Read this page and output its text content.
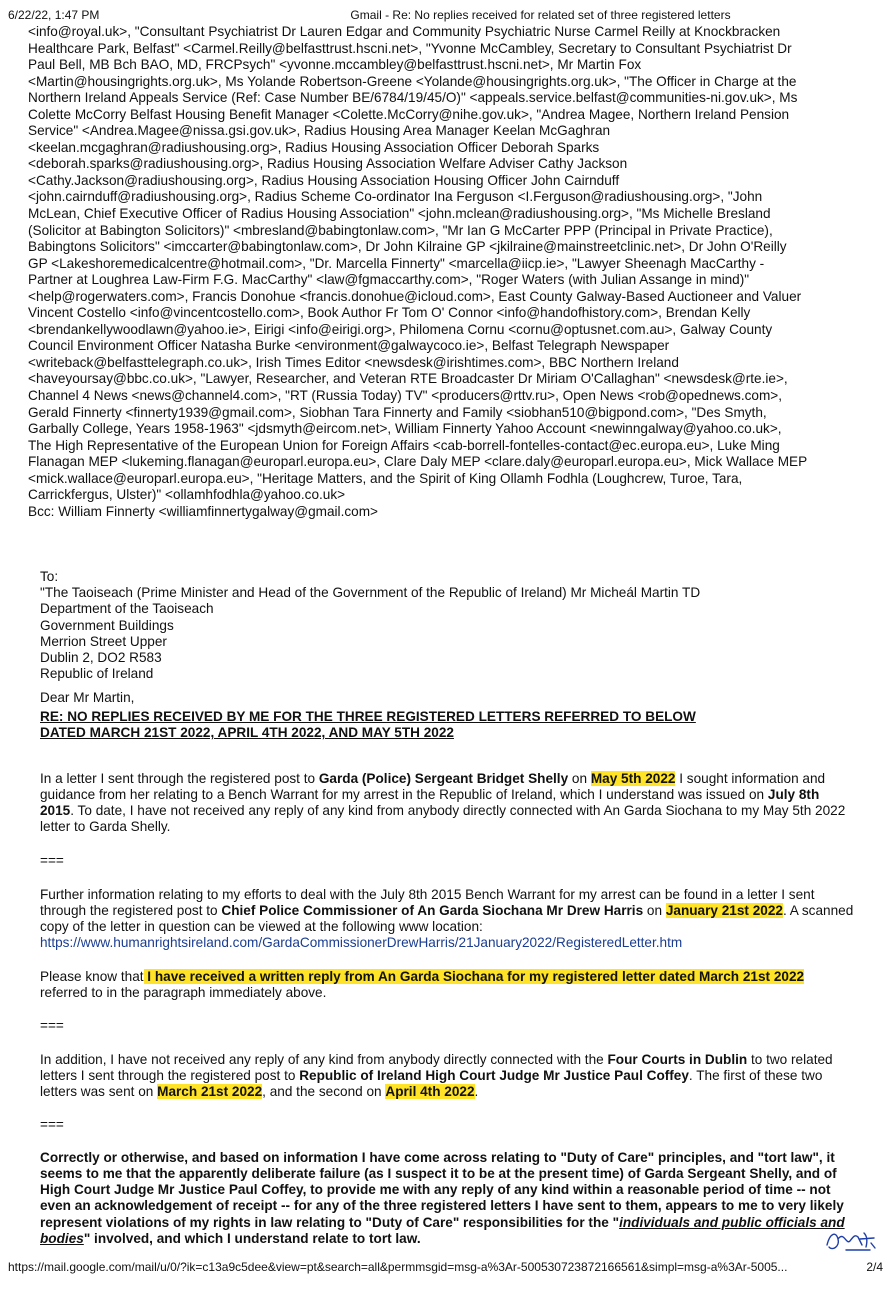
6/22/22, 1:47 PM	Gmail - Re: No replies received for related set of three registered letters

<info@royal.uk>, "Consultant Psychiatrist Dr Lauren Edgar and Community Psychiatric Nurse Carmel Reilly at Knockbracken

Healthcare Park, Belfast" <Carmel.Reilly@belfasttrust.hscni.net>, "Yvonne McCambley, Secretary to Consultant Psychiatrist Dr

Paul Bell, MB Bch BAO, MD, FRCPsych" <yvonne.mccambley@belfasttrust.hscni.net>, Mr Martin Fox

<Martin@housingrights.org.uk>, Ms Yolande Robertson-Greene <Yolande@housingrights.org.uk>, "The Officer in Charge at the

Northern Ireland Appeals Service (Ref: Case Number BE/6784/19/45/O)" <appeals.service.belfast@communities-ni.gov.uk>, Ms

Colette McCorry Belfast Housing Benefit Manager <Colette.McCorry@nihe.gov.uk>, "Andrea Magee, Northern Ireland Pension

Service" <Andrea.Magee@nissa.gsi.gov.uk>, Radius Housing Area Manager Keelan McGaghran

<keelan.mcgaghran@radiushousing.org>, Radius Housing Association Officer Deborah Sparks

<deborah.sparks@radiushousing.org>, Radius Housing Association Welfare Adviser Cathy Jackson

<Cathy.Jackson@radiushousing.org>, Radius Housing Association Housing Officer John Cairnduff

<john.cairnduff@radiushousing.org>, Radius Scheme Co-ordinator Ina Ferguson <I.Ferguson@radiushousing.org>, "John

McLean, Chief Executive Officer of Radius Housing Association" <john.mclean@radiushousing.org>, "Ms Michelle Bresland

(Solicitor at Babington Solicitors)" <mbresland@babingtonlaw.com>, "Mr Ian G McCarter PPP (Principal in Private Practice),

Babingtons Solicitors" <imccarter@babingtonlaw.com>, Dr John Kilraine GP <jkilraine@mainstreetclinic.net>, Dr John O'Reilly

GP <Lakeshoremedicalcentre@hotmail.com>, "Dr. Marcella Finnerty" <marcella@iicp.ie>, "Lawyer Sheenagh MacCarthy -

Partner at Loughrea Law-Firm F.G. MacCarthy" <law@fgmaccarthy.com>, "Roger Waters (with Julian Assange in mind)"

<help@rogerwaters.com>, Francis Donohue <francis.donohue@icloud.com>, East County Galway-Based Auctioneer and Valuer

Vincent Costello <info@vincentcostello.com>, Book Author Fr Tom O' Connor <info@handofhistory.com>, Brendan Kelly

<brendankellywoodlawn@yahoo.ie>, Eirigi <info@eirigi.org>, Philomena Cornu <cornu@optusnet.com.au>, Galway County

Council Environment Officer Natasha Burke <environment@galwaycoco.ie>, Belfast Telegraph Newspaper

<writeback@belfasttelegraph.co.uk>, Irish Times Editor <newsdesk@irishtimes.com>, BBC Northern Ireland

<haveyoursay@bbc.co.uk>, "Lawyer, Researcher, and Veteran RTE Broadcaster Dr Miriam O'Callaghan" <newsdesk@rte.ie>,

Channel 4 News <news@channel4.com>, "RT (Russia Today) TV" <producers@rttv.ru>, Open News <rob@opednews.com>,

Gerald Finnerty <finnerty1939@gmail.com>, Siobhan Tara Finnerty and Family <siobhan510@bigpond.com>, "Des Smyth,

Garbally College, Years 1958-1963" <jdsmyth@eircom.net>, William Finnerty Yahoo Account <newinngalway@yahoo.co.uk>,

The High Representative of the European Union for Foreign Affairs <cab-borrell-fontelles-contact@ec.europa.eu>, Luke Ming

Flanagan MEP <lukeming.flanagan@europarl.europa.eu>, Clare Daly MEP <clare.daly@europarl.europa.eu>, Mick Wallace MEP

<mick.wallace@europarl.europa.eu>, "Heritage Matters, and the Spirit of King Ollamh Fodhla (Loughcrew, Turoe, Tara,

Carrickfergus, Ulster)" <ollamhfodhla@yahoo.co.uk>

Bcc: William Finnerty <williamfinnertygalway@gmail.com>

To:

"The Taoiseach (Prime Minister and Head of the Government of the Republic of Ireland) Mr Micheál Martin TD

Department of the Taoiseach

Government Buildings

Merrion Street Upper

Dublin 2, DO2 R583

Republic of Ireland

Dear Mr Martin,

RE: NO REPLIES RECEIVED BY ME FOR THE THREE REGISTERED LETTERS REFERRED TO BELOW

DATED MARCH 21ST 2022, APRIL 4TH 2022, AND MAY 5TH 2022

In a letter I sent through the registered post to Garda (Police) Sergeant Bridget Shelly on May 5th 2022 I sought information and guidance from her relating to a Bench Warrant for my arrest in the Republic of Ireland, which I understand was issued on July 8th 2015. To date, I have not received any reply of any kind from anybody directly connected with An Garda Siochana to my May 5th 2022 letter to Garda Shelly.

===

Further information relating to my efforts to deal with the July 8th 2015 Bench Warrant for my arrest can be found in a letter I sent through the registered post to Chief Police Commissioner of An Garda Siochana Mr Drew Harris on January 21st 2022. A scanned copy of the letter in question can be viewed at the following www location:
https://www.humanrightsireland.com/GardaCommissionerDrewHarris/21January2022/RegisteredLetter.htm

Please know that I have received a written reply from An Garda Siochana for my registered letter dated March 21st 2022 referred to in the paragraph immediately above.

===

In addition, I have not received any reply of any kind from anybody directly connected with the Four Courts in Dublin to two related letters I sent through the registered post to Republic of Ireland High Court Judge Mr Justice Paul Coffey. The first of these two letters was sent on March 21st 2022, and the second on April 4th 2022.

===

Correctly or otherwise, and based on information I have come across relating to "Duty of Care" principles, and "tort law", it seems to me that the apparently deliberate failure (as I suspect it to be at the present time) of Garda Sergeant Shelly, and of High Court Judge Mr Justice Paul Coffey, to provide me with any reply of any kind within a reasonable period of time -- not even an acknowledgement of receipt -- for any of the three registered letters I have sent to them, appears to me to very likely represent violations of my rights in law relating to "Duty of Care" responsibilities for the "individuals and public officials and bodies" involved, and which I understand relate to tort law.

https://mail.google.com/mail/u/0/?ik=c13a9c5dee&view=pt&search=all&permmsgid=msg-a%3Ar-500530723872166561&simpl=msg-a%3Ar-5005...	2/4
